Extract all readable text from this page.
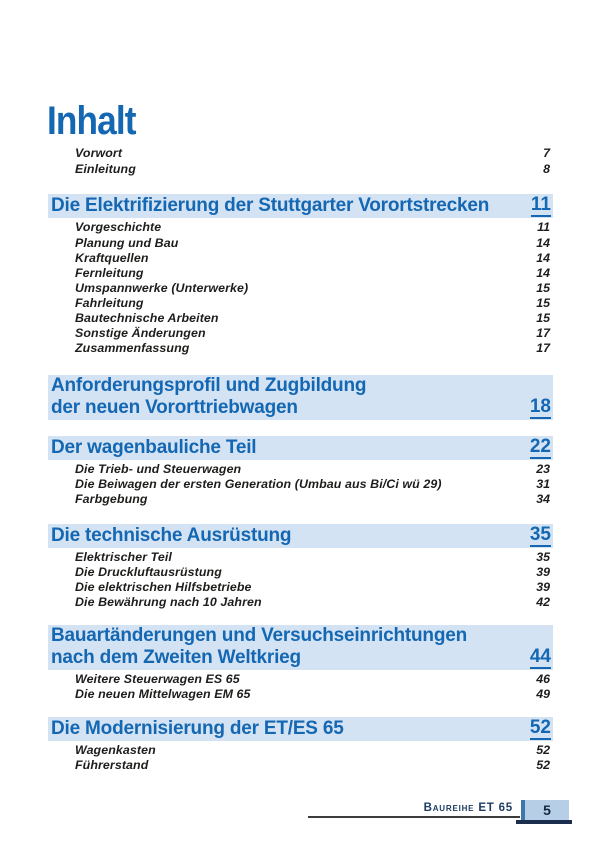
Inhalt
Vorwort	7
Einleitung	8
Die Elektrifizierung der Stuttgarter Vorortstrecken 11
Vorgeschichte	11
Planung und Bau	14
Kraftquellen	14
Fernleitung	14
Umspannwerke (Unterwerke)	15
Fahrleitung	15
Bautechnische Arbeiten	15
Sonstige Änderungen	17
Zusammenfassung	17
Anforderungsprofil und Zugbildung
der neuen Vororttriebwagen	18
Der wagenbauliche Teil	22
Die Trieb- und Steuerwagen	23
Die Beiwagen der ersten Generation (Umbau aus Bi/Ci wü 29)	31
Farbgebung	34
Die technische Ausrüstung	35
Elektrischer Teil	35
Die Druckluftausrüstung	39
Die elektrischen Hilfsbetriebe	39
Die Bewährung nach 10 Jahren	42
Bauartänderungen und Versuchseinrichtungen
nach dem Zweiten Weltkrieg	44
Weitere Steuerwagen ES 65	46
Die neuen Mittelwagen EM 65	49
Die Modernisierung der ET/ES 65	52
Wagenkasten	52
Führerstand	52
Baureihe ET 65 5
